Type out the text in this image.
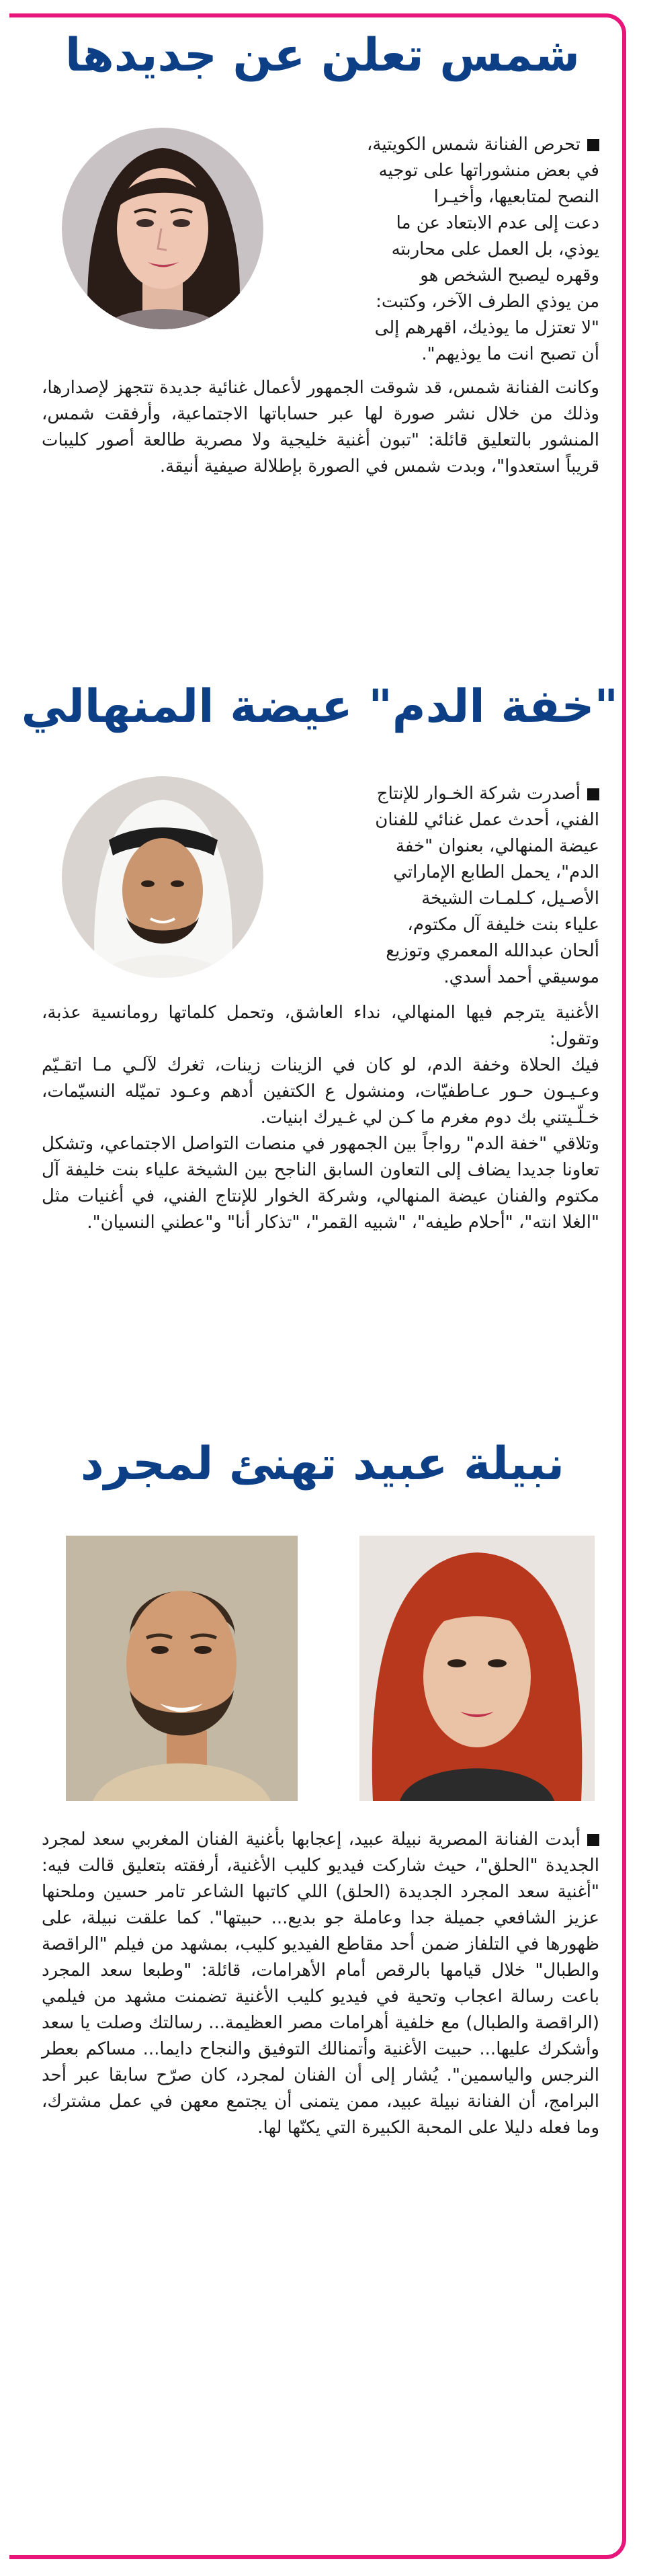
شمس تعلن عن جديدها

تحرص الفنانة شمس الكويتية،

في بعض منشوراتها على توجيه

النصح لمتابعيها، وأخيـرا

دعت إلى عدم الابتعاد عن ما

يوذي، بل العمل على محاربته

وقهره ليصبح الشخص هو

من يوذي الطرف الآخر، وكتبت:

"لا تعتزل ما يوذيك، اقهرهم إلى

أن تصبح انت ما يوذيهم".

وكانت الفنانة شمس، قد شوقت الجمهور لأعمال غنائية جديدة تتجهز لإصدارها، وذلك من خلال نشر صورة لها عبر حساباتها الاجتماعية، وأرفقت شمس، المنشور بالتعليق قائلة: "تبون أغنية خليجية ولا مصرية طالعة أصور كليبات قريباً استعدوا"، وبدت شمس في الصورة بإطلالة صيفية أنيقة.

"خفة الدم" عيضة المنهالي

أصدرت شركة الخـوار للإنتاج

الفني، أحدث عمل غنائي للفنان

عيضة المنهالي، بعنوان "خفة

الدم"، يحمل الطابع الإماراتي

الأصـيل، كـلمـات الشيخة

علياء بنت خليفة آل مكتوم،

ألحان عبدالله المعمري وتوزيع

موسيقي أحمد أسدي.

الأغنية يترجم فيها المنهالي، نداء العاشق، وتحمل كلماتها رومانسية عذبة، وتقول:

فيك الحلاة وخفة الدم، لو كان في الزينات زينات، ثغرك لآلـي مـا اتقـيّم وعـيـون حـور عـاطفيّات، ومنشول ع الكتفين أدهم وعـود تميّله النسيّمات، خـلّـيتني بك دوم مغرم ما كـن لي غـيرك ابنيات.

وتلاقي "خفة الدم" رواجاً بين الجمهور في منصات التواصل الاجتماعي، وتشكل تعاونا جديدا يضاف إلى التعاون السابق الناجح بين الشيخة علياء بنت خليفة آل مكتوم والفنان عيضة المنهالي، وشركة الخوار للإنتاج الفني، في أغنيات مثل "الغلا انته"، "أحلام طيفه"، "شبيه القمر"، "تذكار أنا" و"عطني النسيان".

نبيلة عبيد تهنئ لمجرد

أبدت الفنانة المصرية نبيلة عبيد، إعجابها بأغنية الفنان المغربي سعد لمجرد الجديدة "الحلق"، حيث شاركت فيديو كليب الأغنية، أرفقته بتعليق قالت فيه: "أغنية سعد المجرد الجديدة (الحلق) اللي كاتبها الشاعر تامر حسين وملحنها عزيز الشافعي جميلة جدا وعاملة جو بديع... حبيتها". كما علقت نبيلة، على ظهورها في التلفاز ضمن أحد مقاطع الفيديو كليب، بمشهد من فيلم "الراقصة والطبال" خلال قيامها بالرقص أمام الأهرامات، قائلة: "وطبعا سعد المجرد باعت رسالة اعجاب وتحية في فيديو كليب الأغنية تضمنت مشهد من فيلمي (الراقصة والطبال) مع خلفية أهرامات مصر العظيمة... رسالتك وصلت يا سعد وأشكرك عليها... حبيت الأغنية وأتمنالك التوفيق والنجاح دايما... مساكم بعطر النرجس والياسمين". يُشار إلى أن الفنان لمجرد، كان صرّح سابقا عبر أحد البرامج، أن الفنانة نبيلة عبيد، ممن يتمنى أن يجتمع معهن في عمل مشترك، وما فعله دليلا على المحبة الكبيرة التي يكنّها لها.
